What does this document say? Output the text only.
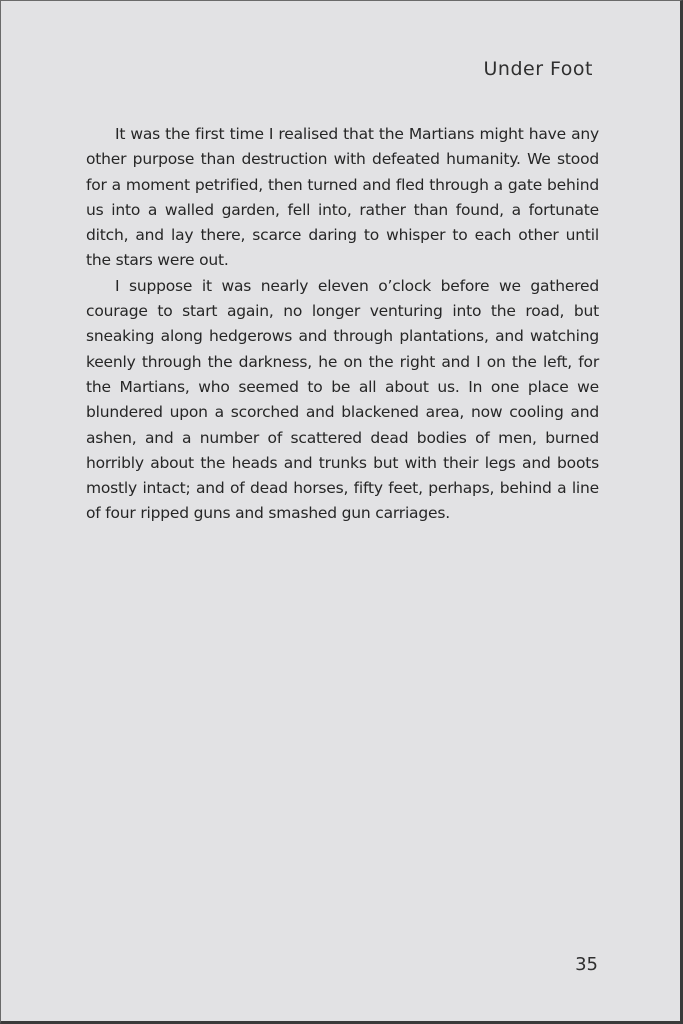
Under Foot

It was the first time I realised that the Martians might have any other purpose than destruction with defeated humanity. We stood for a moment petrified, then turned and fled through a gate behind us into a walled garden, fell into, rather than found, a fortunate ditch, and lay there, scarce daring to whisper to each other until the stars were out.

I suppose it was nearly eleven o’clock before we gathered courage to start again, no longer venturing into the road, but sneaking along hedgerows and through plantations, and watching keenly through the darkness, he on the right and I on the left, for the Martians, who seemed to be all about us. In one place we blundered upon a scorched and blackened area, now cooling and ashen, and a number of scattered dead bodies of men, burned horribly about the heads and trunks but with their legs and boots mostly intact; and of dead horses, fifty feet, perhaps, behind a line of four ripped guns and smashed gun carriages.

35
